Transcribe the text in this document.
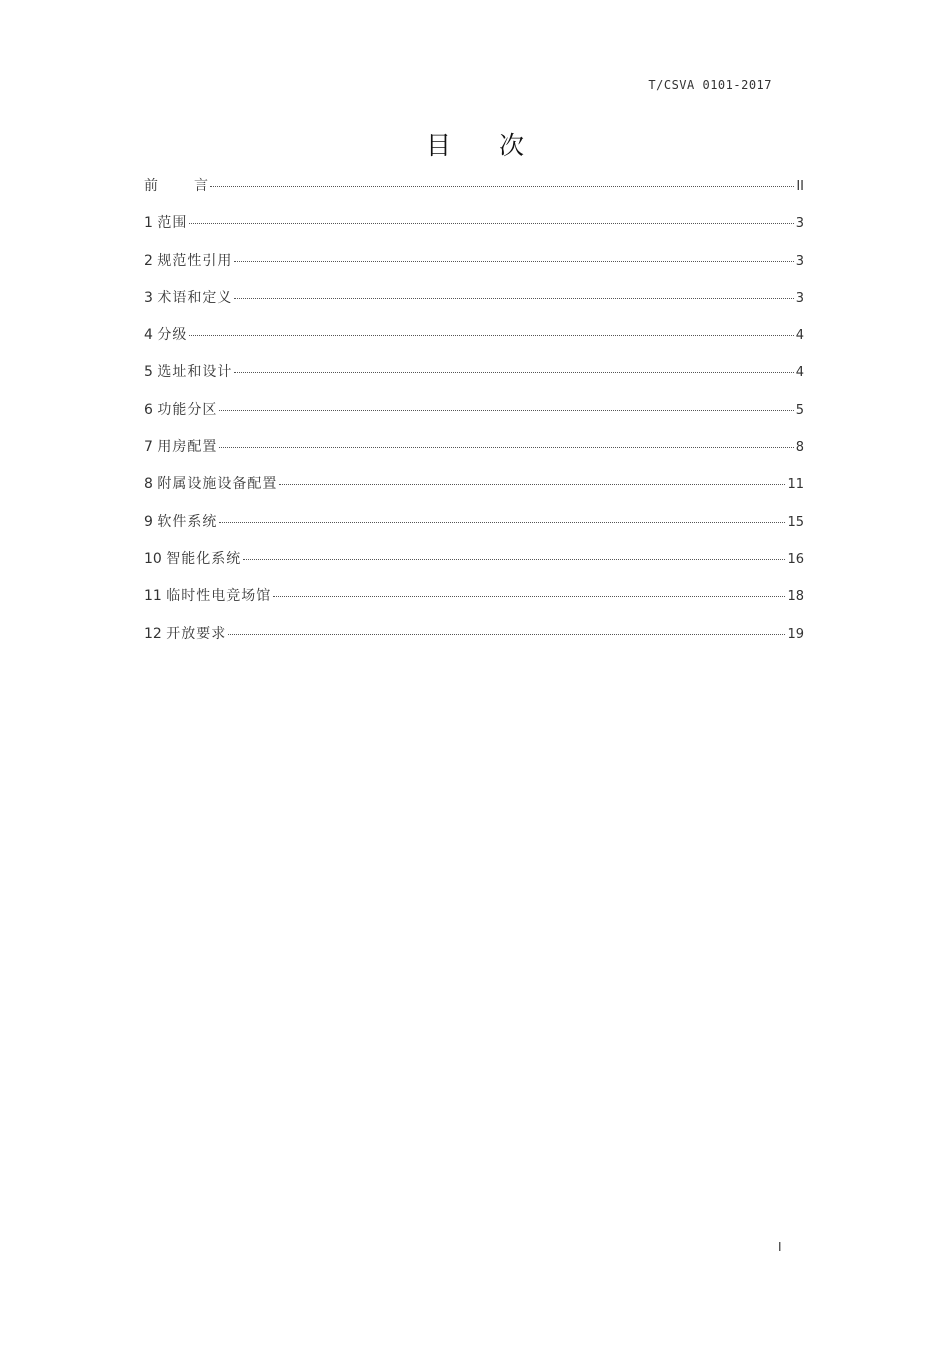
T/CSVA 0101-2017
目 次
前	言	II
1 范围	3
2 规范性引用	3
3 术语和定义	3
4 分级	4
5 选址和设计	4
6 功能分区	5
7 用房配置	8
8 附属设施设备配置	11
9 软件系统	15
10 智能化系统	16
11 临时性电竞场馆	18
12 开放要求	19
I
